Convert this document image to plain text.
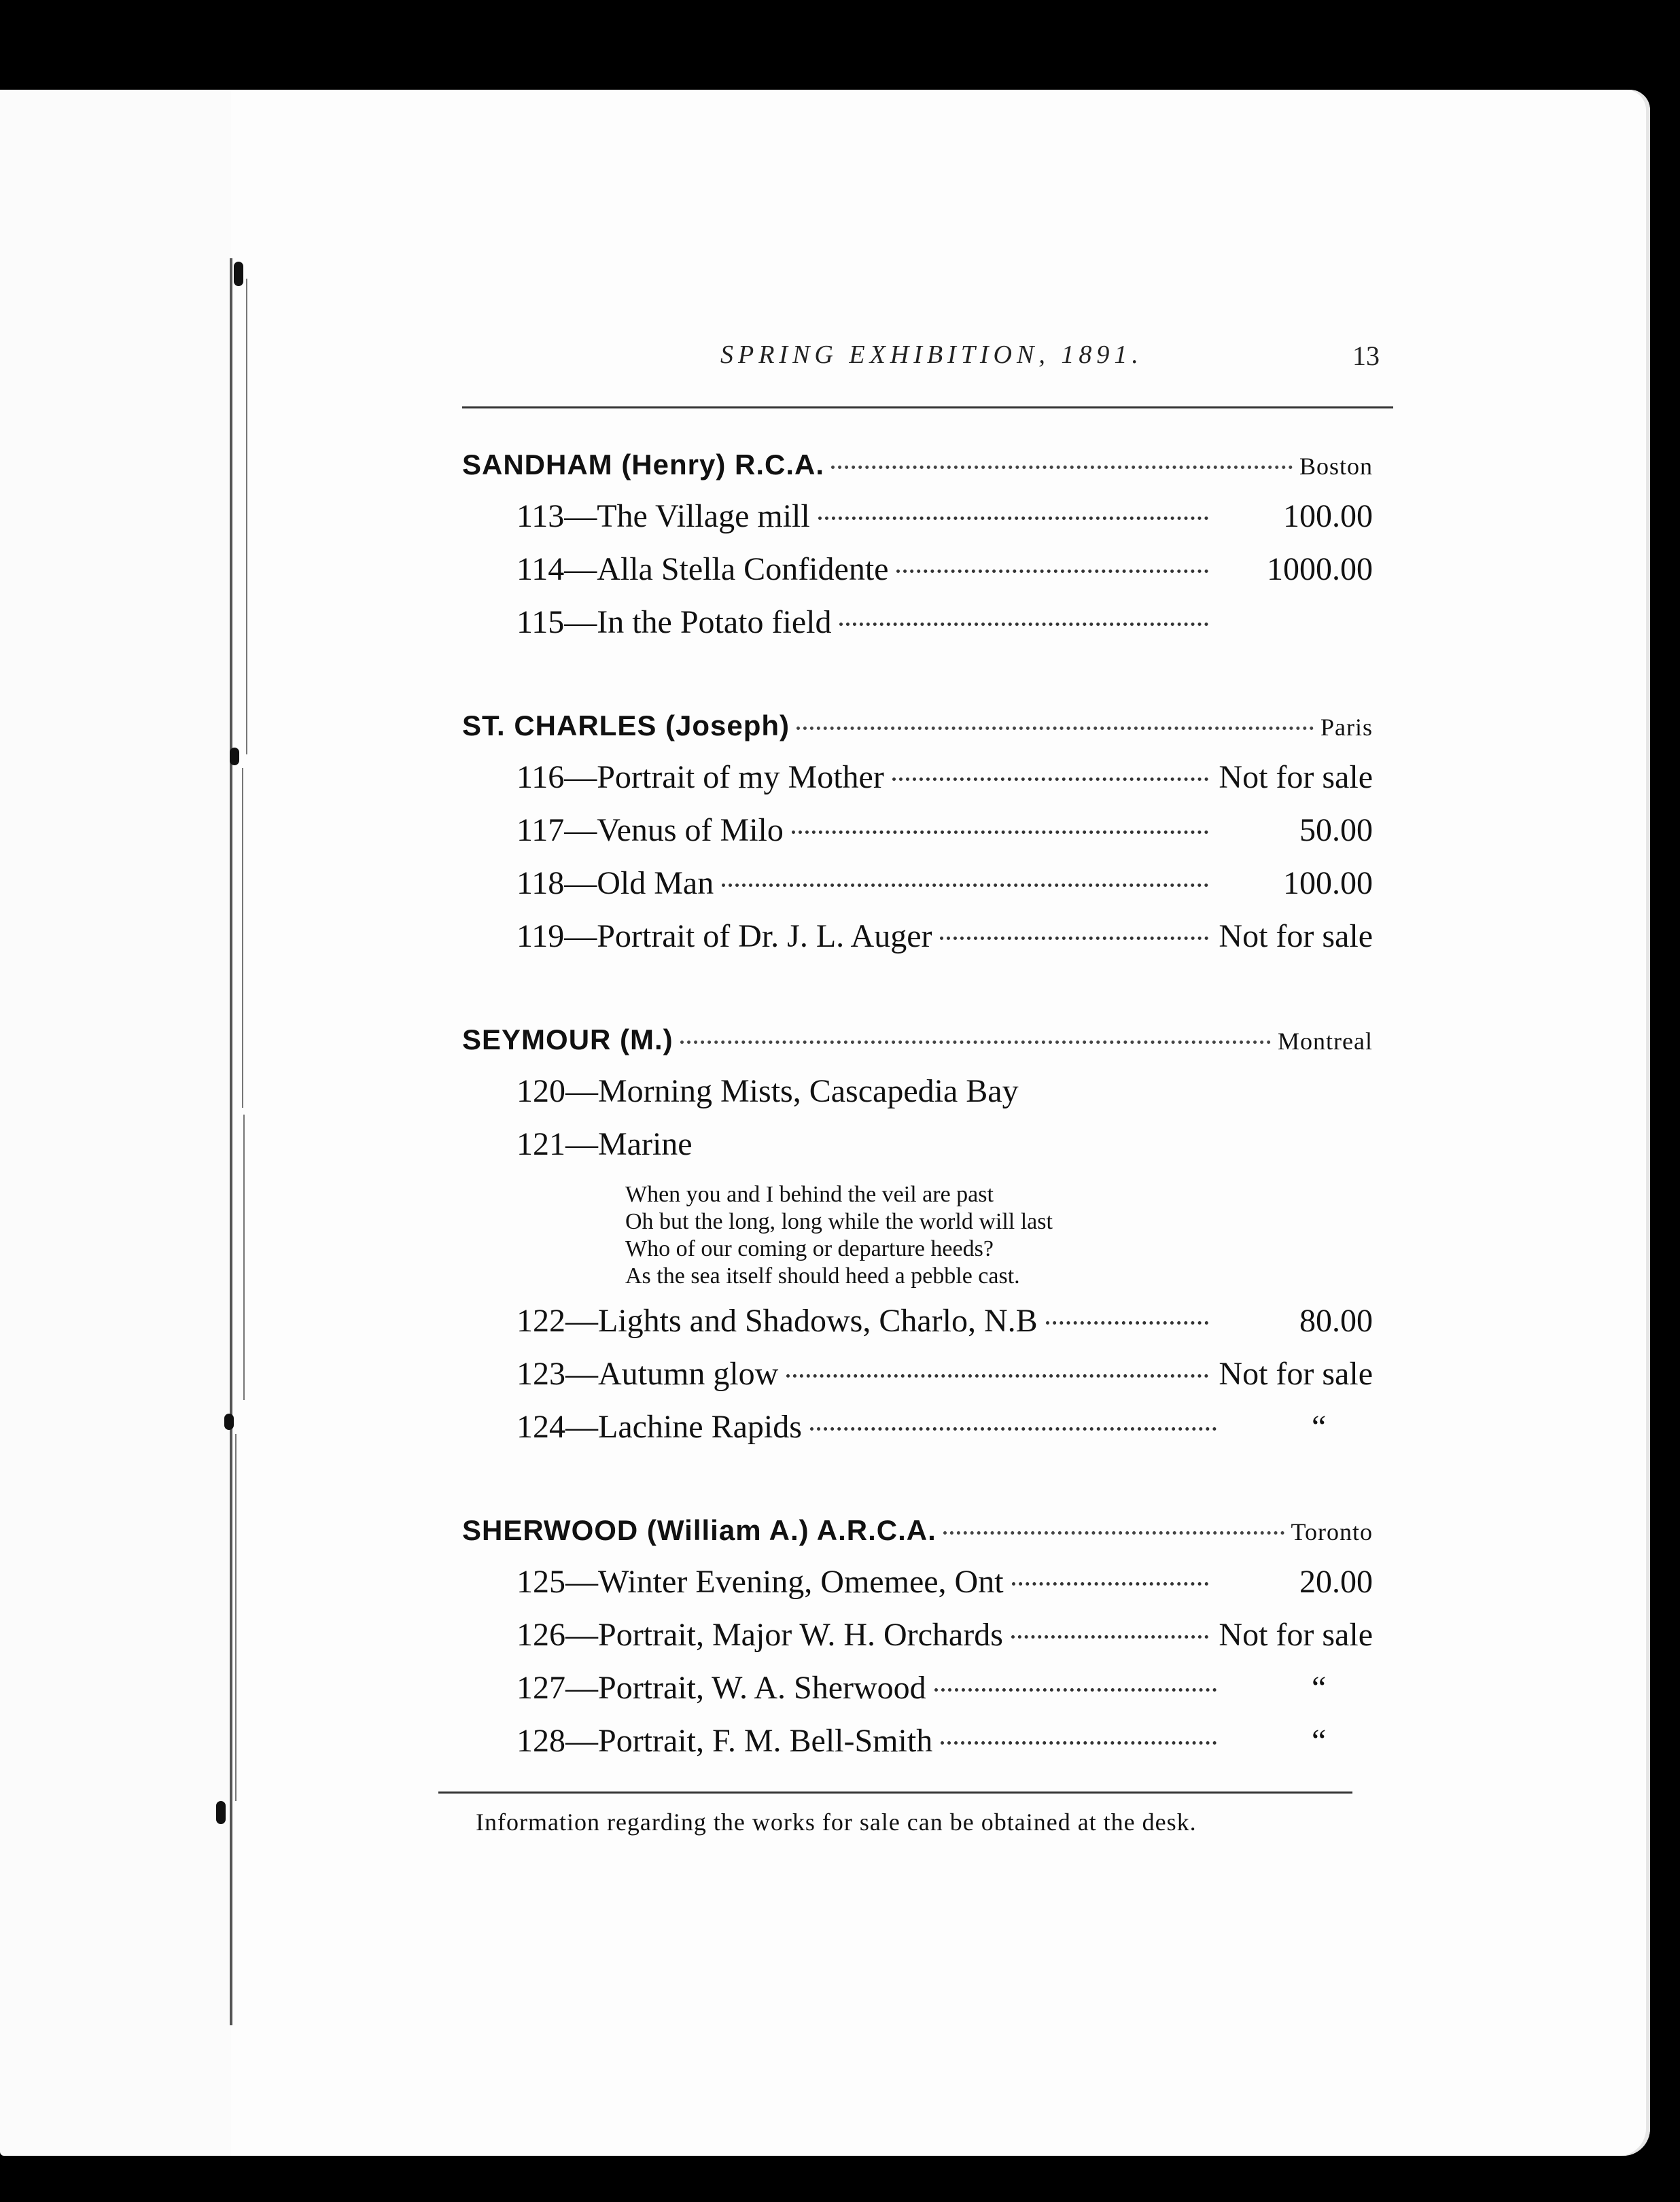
SPRING EXHIBITION, 1891.	13
SANDHAM (Henry) R.C.A.	Boston
113—The Village mill	100.00
114—Alla Stella Confidente	1000.00
115—In the Potato field
ST. CHARLES (Joseph)	Paris
116—Portrait of my Mother	Not for sale
117—Venus of Milo	50.00
118—Old Man	100.00
119—Portrait of Dr. J. L. Auger	Not for sale
SEYMOUR (M.)	Montreal
120—Morning Mists, Cascapedia Bay
121—Marine
When you and I behind the veil are past
Oh but the long, long while the world will last
Who of our coming or departure heeds?
As the sea itself should heed a pebble cast.
122—Lights and Shadows, Charlo, N.B	80.00
123—Autumn glow	Not for sale
124—Lachine Rapids	“
SHERWOOD (William A.) A.R.C.A.	Toronto
125—Winter Evening, Omemee, Ont	20.00
126—Portrait, Major W. H. Orchards	Not for sale
127—Portrait, W. A. Sherwood	“
128—Portrait, F. M. Bell-Smith	“
Information regarding the works for sale can be obtained at the desk.
